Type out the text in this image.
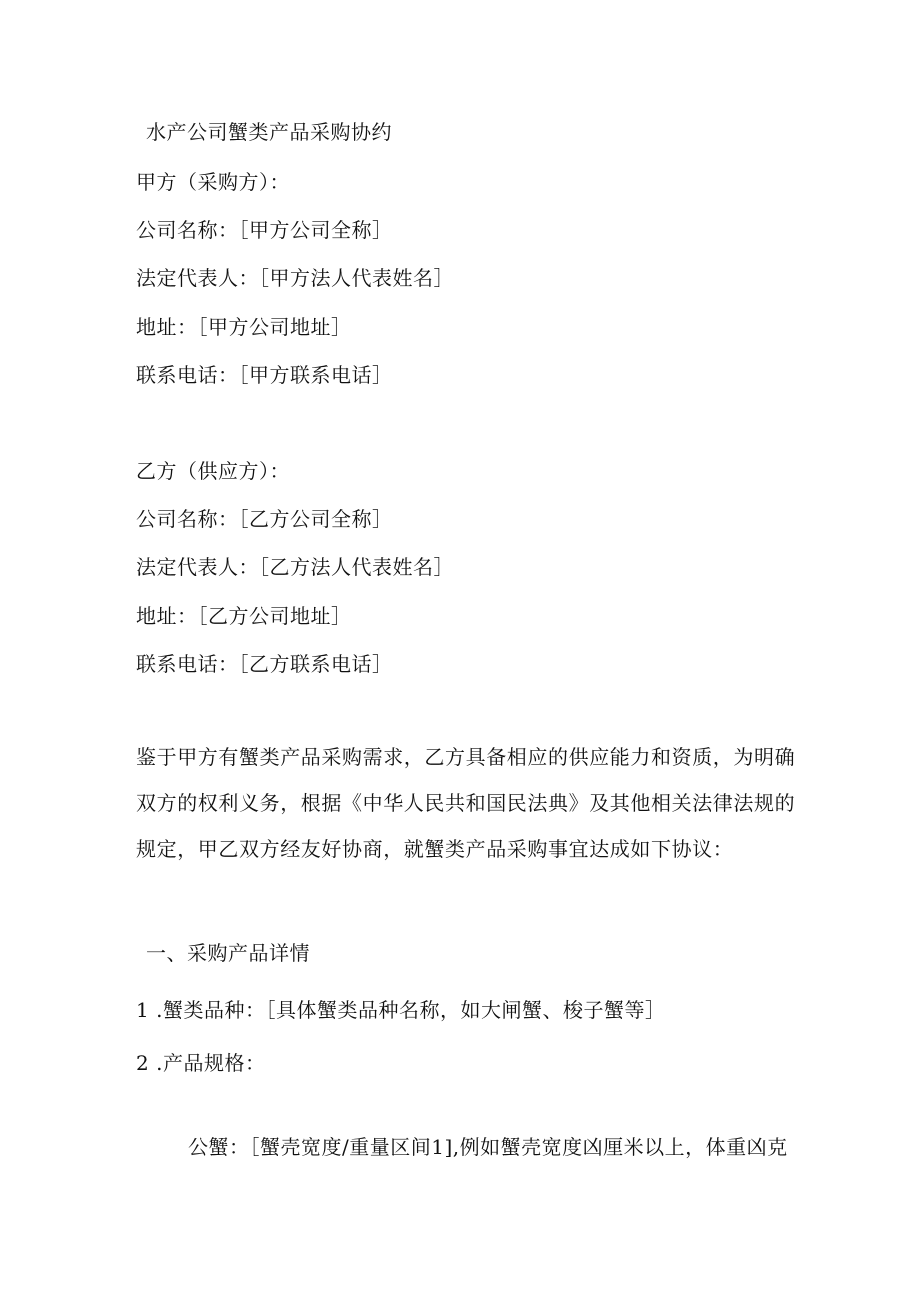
水产公司蟹类产品采购协约
甲方（采购方）：
公司名称：［甲方公司全称］
法定代表人：［甲方法人代表姓名］
地址：［甲方公司地址］
联系电话：［甲方联系电话］
乙方（供应方）：
公司名称：［乙方公司全称］
法定代表人：［乙方法人代表姓名］
地址：［乙方公司地址］
联系电话：［乙方联系电话］
鉴于甲方有蟹类产品采购需求，乙方具备相应的供应能力和资质，为明确
双方的权利义务，根据《中华人民共和国民法典》及其他相关法律法规的
规定，甲乙双方经友好协商，就蟹类产品采购事宜达成如下协议：
一、采购产品详情
1 .蟹类品种：［具体蟹类品种名称，如大闸蟹、梭子蟹等］
2 .产品规格：
公蟹：［蟹壳宽度/重量区间1],例如蟹壳宽度凶厘米以上，体重凶克
